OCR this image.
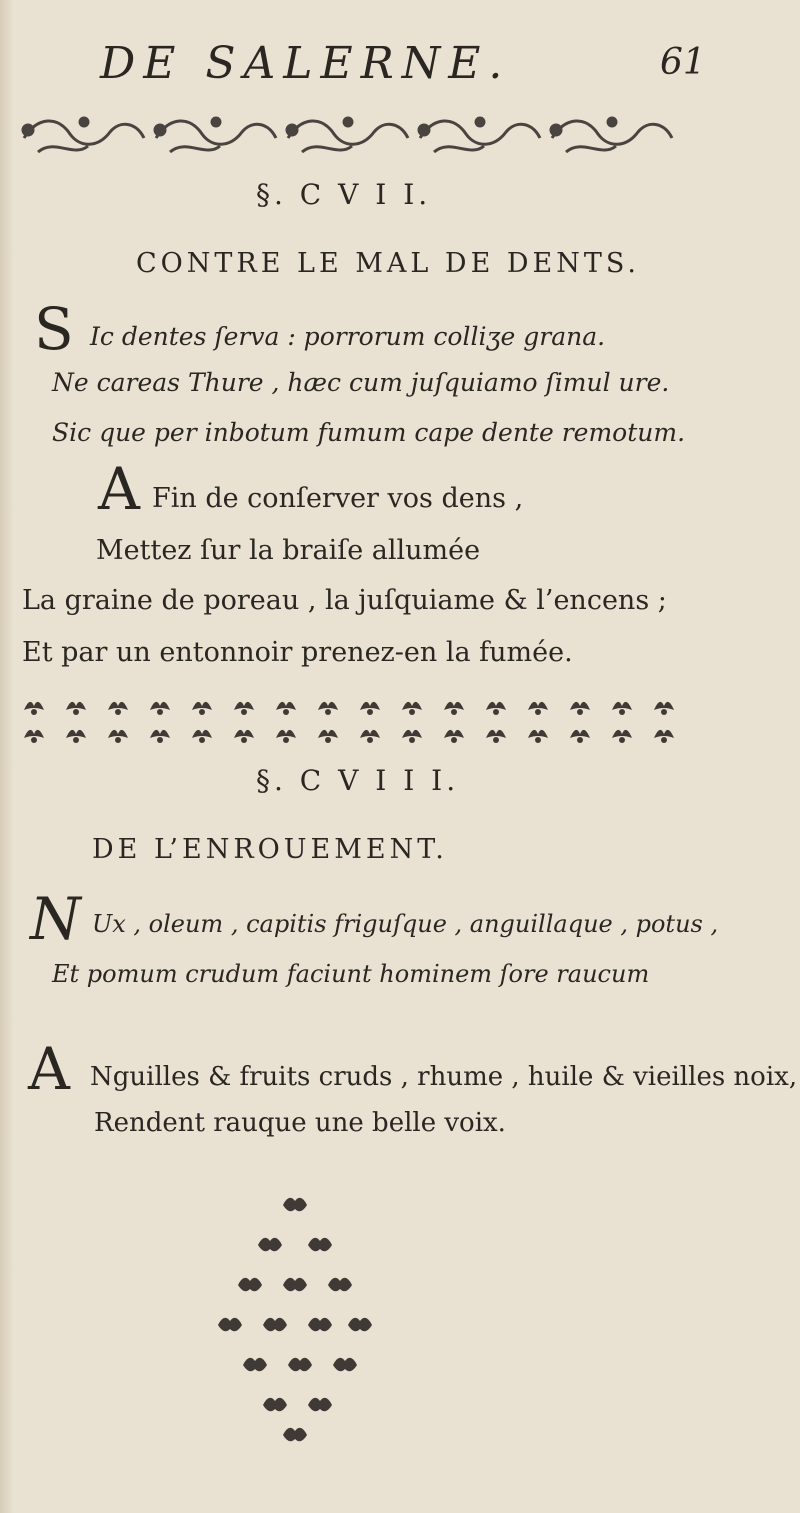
DE SALERNE.	61
§. C V I I.
CONTRE LE MAL DE DENTS.
S Ic dentes ſerva : porrorum colliʒe grana.
Ne careas Thure , hæc cum juſquiamo ſimul ure.
Sic que per inbotum fumum cape dente remotum.
A Fin de conſerver vos dens ,
Mettez ſur la braiſe allumée
La graine de poreau , la juſquiame & l’encens ;
Et par un entonnoir prenez-en la fumée.
§. C V I I I.
DE L’ENROUEMENT.
N Ux , oleum , capitis friguſque , anguillaque , potus ,
Et pomum crudum faciunt hominem ſore raucum
A Nguilles & fruits cruds , rhume , huile & vieilles noix,
Rendent rauque une belle voix.
